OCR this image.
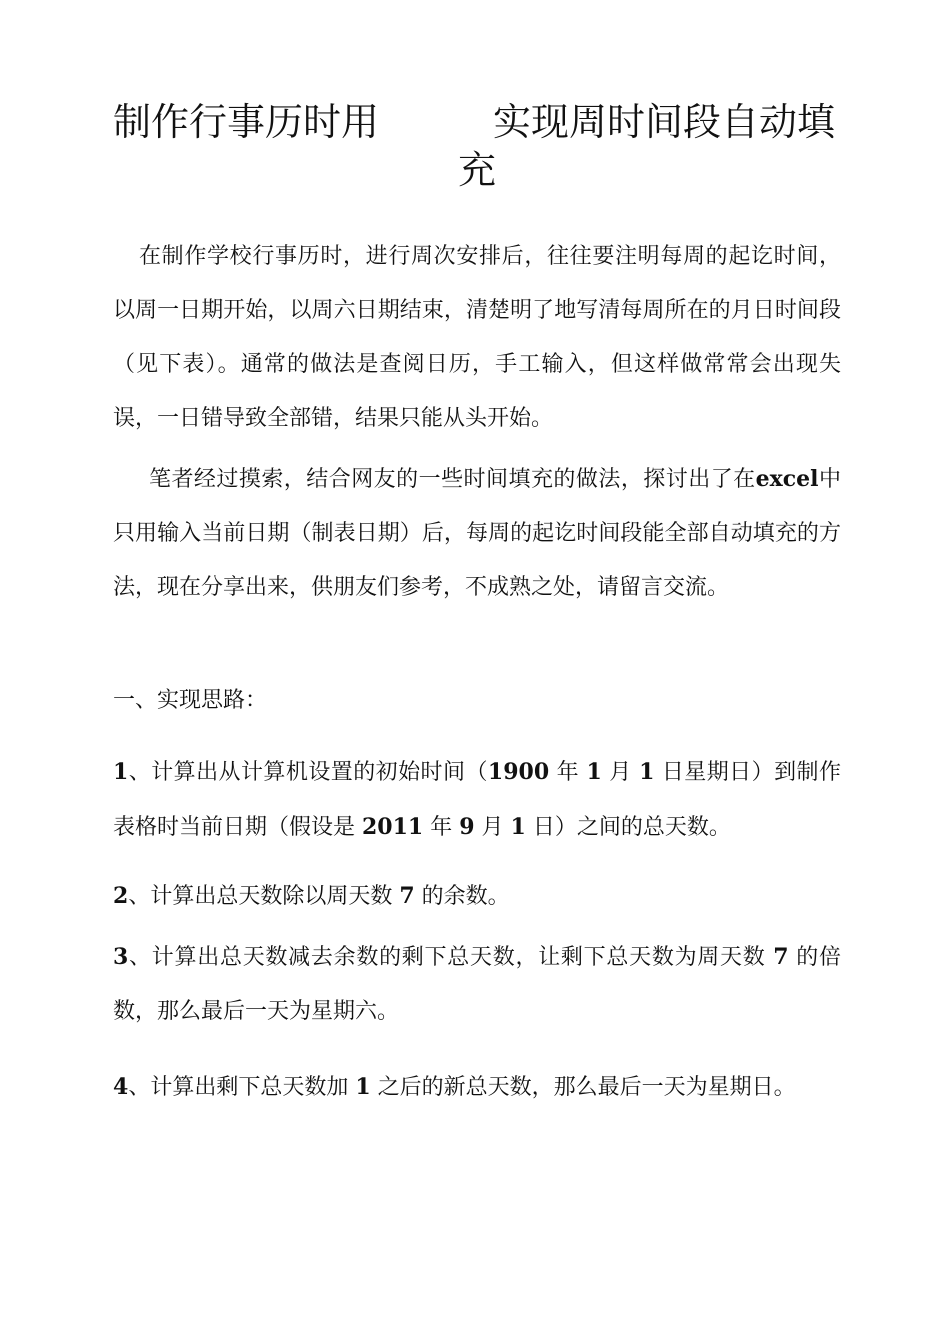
制作行事历时用	实现周时间段自动填
充

在制作学校行事历时，进行周次安排后，往往要注明每周的起讫时间，以周一日期开始，以周六日期结束，清楚明了地写清每周所在的月日时间段（见下表）。通常的做法是查阅日历，手工输入，但这样做常常会出现失误，一日错导致全部错，结果只能从头开始。

笔者经过摸索，结合网友的一些时间填充的做法，探讨出了在excel中只用输入当前日期（制表日期）后，每周的起讫时间段能全部自动填充的方法，现在分享出来，供朋友们参考，不成熟之处，请留言交流。

一、实现思路：

1、计算出从计算机设置的初始时间（1900 年 1 月 1 日星期日）到制作表格时当前日期（假设是 2011 年 9 月 1 日）之间的总天数。

2、计算出总天数除以周天数 7 的余数。

3、计算出总天数减去余数的剩下总天数，让剩下总天数为周天数 7 的倍数，那么最后一天为星期六。

4、计算出剩下总天数加 1 之后的新总天数，那么最后一天为星期日。
